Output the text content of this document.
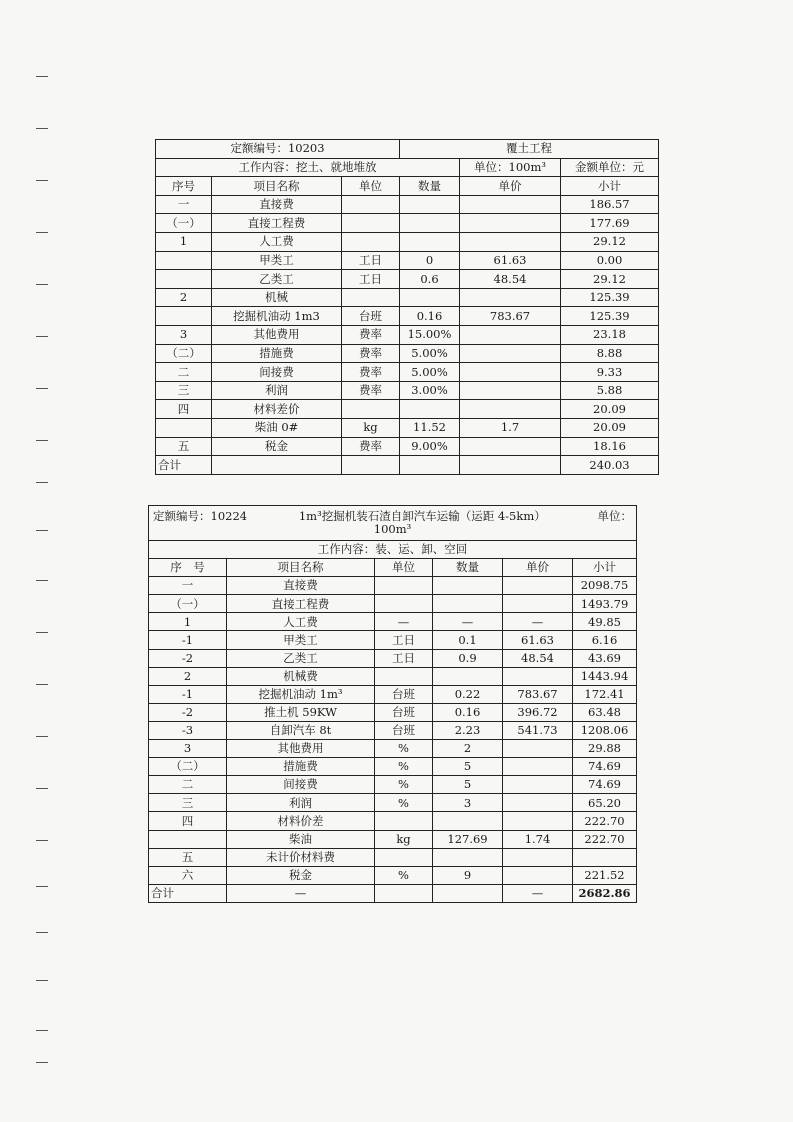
定额编号：10203			覆土工程		
工作内容：挖土、就地堆放				单位：100m³	金额单位：元
序号	项目名称	单位	数量	单价	小计
一	直接费				186.57
（一）	直接工程费				177.69
1	人工费				29.12
	甲类工	工日	0	61.63	0.00
	乙类工	工日	0.6	48.54	29.12
2	机械				125.39
	挖掘机油动 1m3	台班	0.16	783.67	125.39
3	其他费用	费率	15.00%		23.18
（二）	措施费	费率	5.00%		8.88
二	间接费	费率	5.00%		9.33
三	利润	费率	3.00%		5.88
四	材料差价				20.09
	柴油 0#	kg	11.52	1.7	20.09
五	税金	费率	9.00%		18.16
合计					240.03
定额编号：10224 1m³挖掘机装石渣自卸汽车运输（运距 4-5km） 单位：
100m³					

工作内容：装、运、卸、空回					
序　号	项目名称	单位	数量	单价	小计
一	直接费				2098.75
（一）	直接工程费				1493.79
1	人工费	—	—	—	49.85
-1	甲类工	工日	0.1	61.63	6.16
-2	乙类工	工日	0.9	48.54	43.69
2	机械费				1443.94
-1	挖掘机油动 1m³	台班	0.22	783.67	172.41
-2	推土机 59KW	台班	0.16	396.72	63.48
-3	自卸汽车 8t	台班	2.23	541.73	1208.06
3	其他费用	%	2		29.88
（二）	措施费	%	5		74.69
二	间接费	%	5		74.69
三	利润	%	3		65.20
四	材料价差				222.70
	柴油	kg	127.69	1.74	222.70
五	未计价材料费				
六	税金	%	9		221.52
合计	—			—	2682.86
